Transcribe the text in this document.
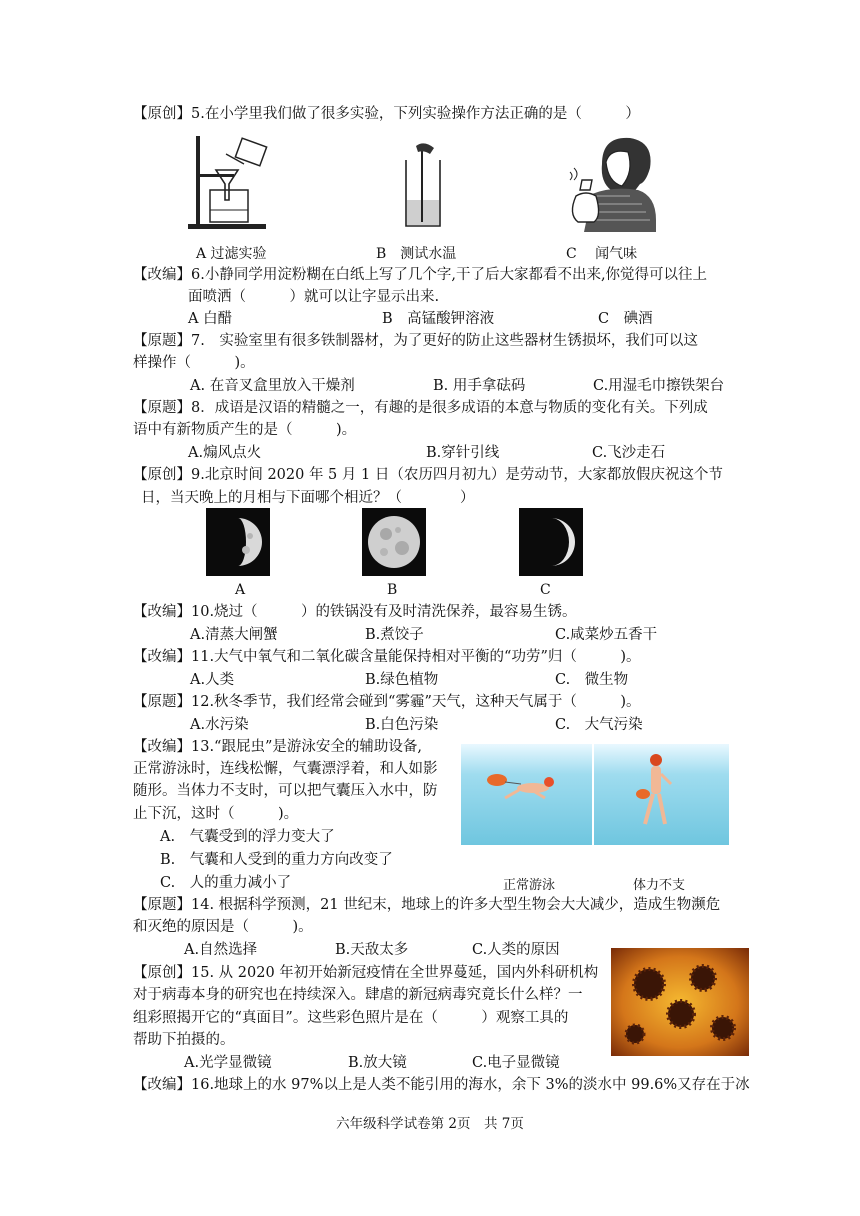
【原创】5.在小学里我们做了很多实验，下列实验操作方法正确的是（　　　）
A 过滤实验	B　测试水温	C　 闻气味
【改编】6.小静同学用淀粉糊在白纸上写了几个字,干了后大家都看不出来,你觉得可以往上
面喷洒（　　　）就可以让字显示出来.
A 白醋	B　高锰酸钾溶液	C　碘酒
【原题】7.　实验室里有很多铁制器材，为了更好的防止这些器材生锈损坏，我们可以这
样操作（　　　)。
A. 在音叉盒里放入干燥剂	B. 用手拿砝码	C.用湿毛巾擦铁架台
【原题】8．成语是汉语的精髓之一，有趣的是很多成语的本意与物质的变化有关。下列成
语中有新物质产生的是（　　　)。
A.煽风点火	B.穿针引线	C.飞沙走石
【原创】9.北京时间 2020 年 5 月 1 日（农历四月初九）是劳动节，大家都放假庆祝这个节
日，当天晚上的月相与下面哪个相近？（　　　　）
A	B	C
【改编】10.烧过（　　　）的铁锅没有及时清洗保养，最容易生锈。
A.清蒸大闸蟹	B.煮饺子	C.咸菜炒五香干
【改编】11.大气中氧气和二氧化碳含量能保持相对平衡的“功劳”归（　　　)。
A.人类	B.绿色植物	C.　微生物
【原题】12.秋冬季节，我们经常会碰到“雾霾”天气，这种天气属于（　　　)。
A.水污染	B.白色污染	C.　大气污染
【改编】13.“跟屁虫”是游泳安全的辅助设备,
正常游泳时，连线松懈，气囊漂浮着，和人如影
随形。当体力不支时，可以把气囊压入水中，防
止下沉，这时（　　　)。
A.　气囊受到的浮力变大了
B.　气囊和人受到的重力方向改变了
C.　人的重力减小了	正常游泳	体力不支
【原题】14. 根据科学预测，21 世纪末，地球上的许多大型生物会大大减少，造成生物濒危
和灭绝的原因是（　　　)。
A.自然选择	B.天敌太多	C.人类的原因
【原创】15. 从 2020 年初开始新冠疫情在全世界蔓延，国内外科研机构
对于病毒本身的研究也在持续深入。肆虐的新冠病毒究竟长什么样？一
组彩照揭开它的“真面目”。这些彩色照片是在（　　　）观察工具的
帮助下拍摄的。
A.光学显微镜	B.放大镜	C.电子显微镜
【改编】16.地球上的水 97%以上是人类不能引用的海水，余下 3%的淡水中 99.6%又存在于冰
六年级科学试卷第 2页　共 7页
